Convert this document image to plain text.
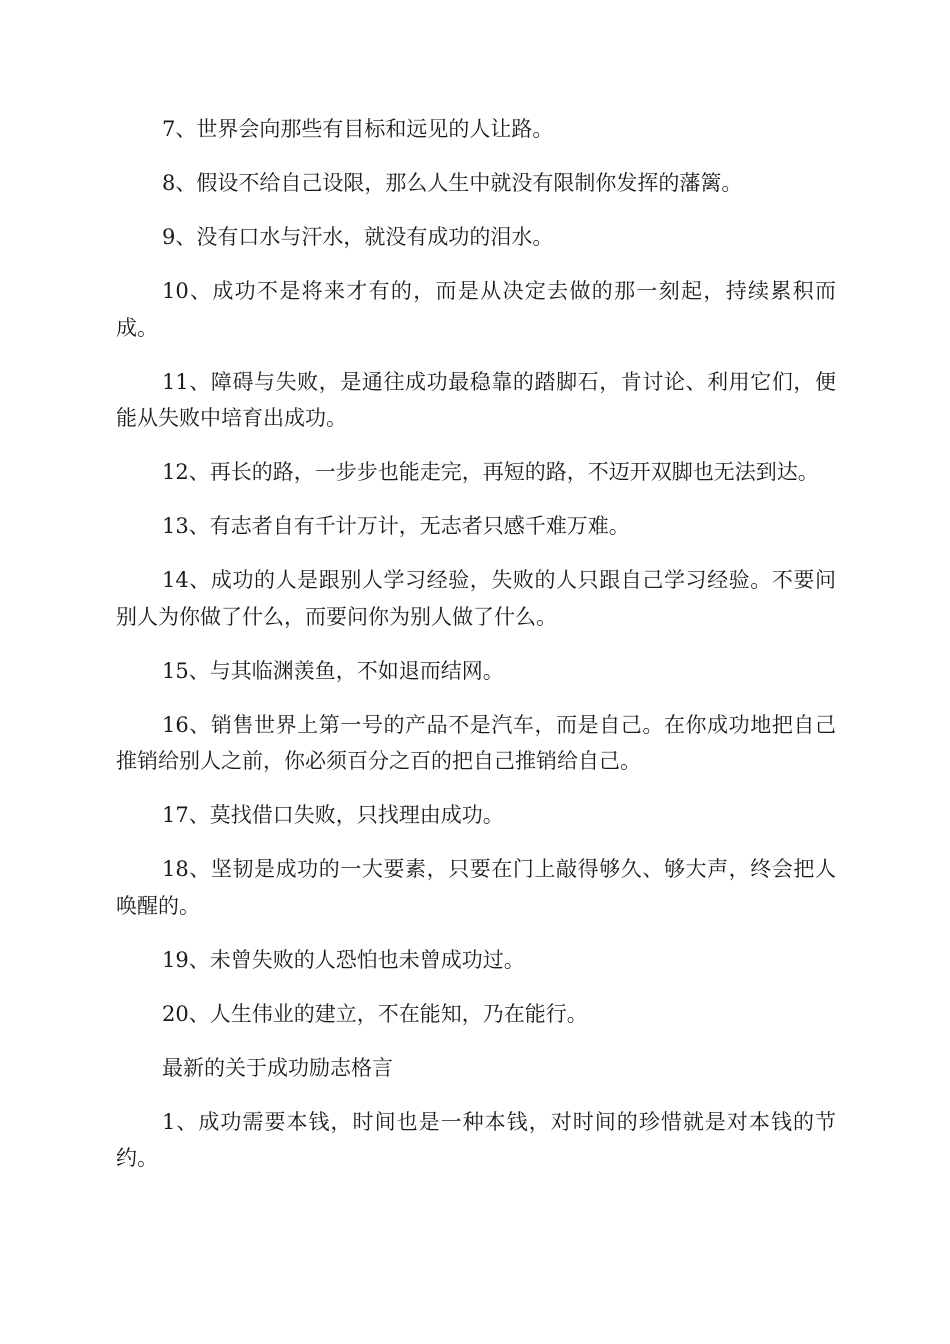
7、世界会向那些有目标和远见的人让路。

8、假设不给自己设限，那么人生中就没有限制你发挥的藩篱。

9、没有口水与汗水，就没有成功的泪水。

10、成功不是将来才有的，而是从决定去做的那一刻起，持续累积而成。

11、障碍与失败，是通往成功最稳靠的踏脚石，肯讨论、利用它们，便能从失败中培育出成功。

12、再长的路，一步步也能走完，再短的路，不迈开双脚也无法到达。

13、有志者自有千计万计，无志者只感千难万难。

14、成功的人是跟别人学习经验，失败的人只跟自己学习经验。不要问别人为你做了什么，而要问你为别人做了什么。

15、与其临渊羡鱼，不如退而结网。

16、销售世界上第一号的产品不是汽车，而是自己。在你成功地把自己推销给别人之前，你必须百分之百的把自己推销给自己。

17、莫找借口失败，只找理由成功。

18、坚韧是成功的一大要素，只要在门上敲得够久、够大声，终会把人唤醒的。

19、未曾失败的人恐怕也未曾成功过。

20、人生伟业的建立，不在能知，乃在能行。

最新的关于成功励志格言

1、成功需要本钱，时间也是一种本钱，对时间的珍惜就是对本钱的节约。
